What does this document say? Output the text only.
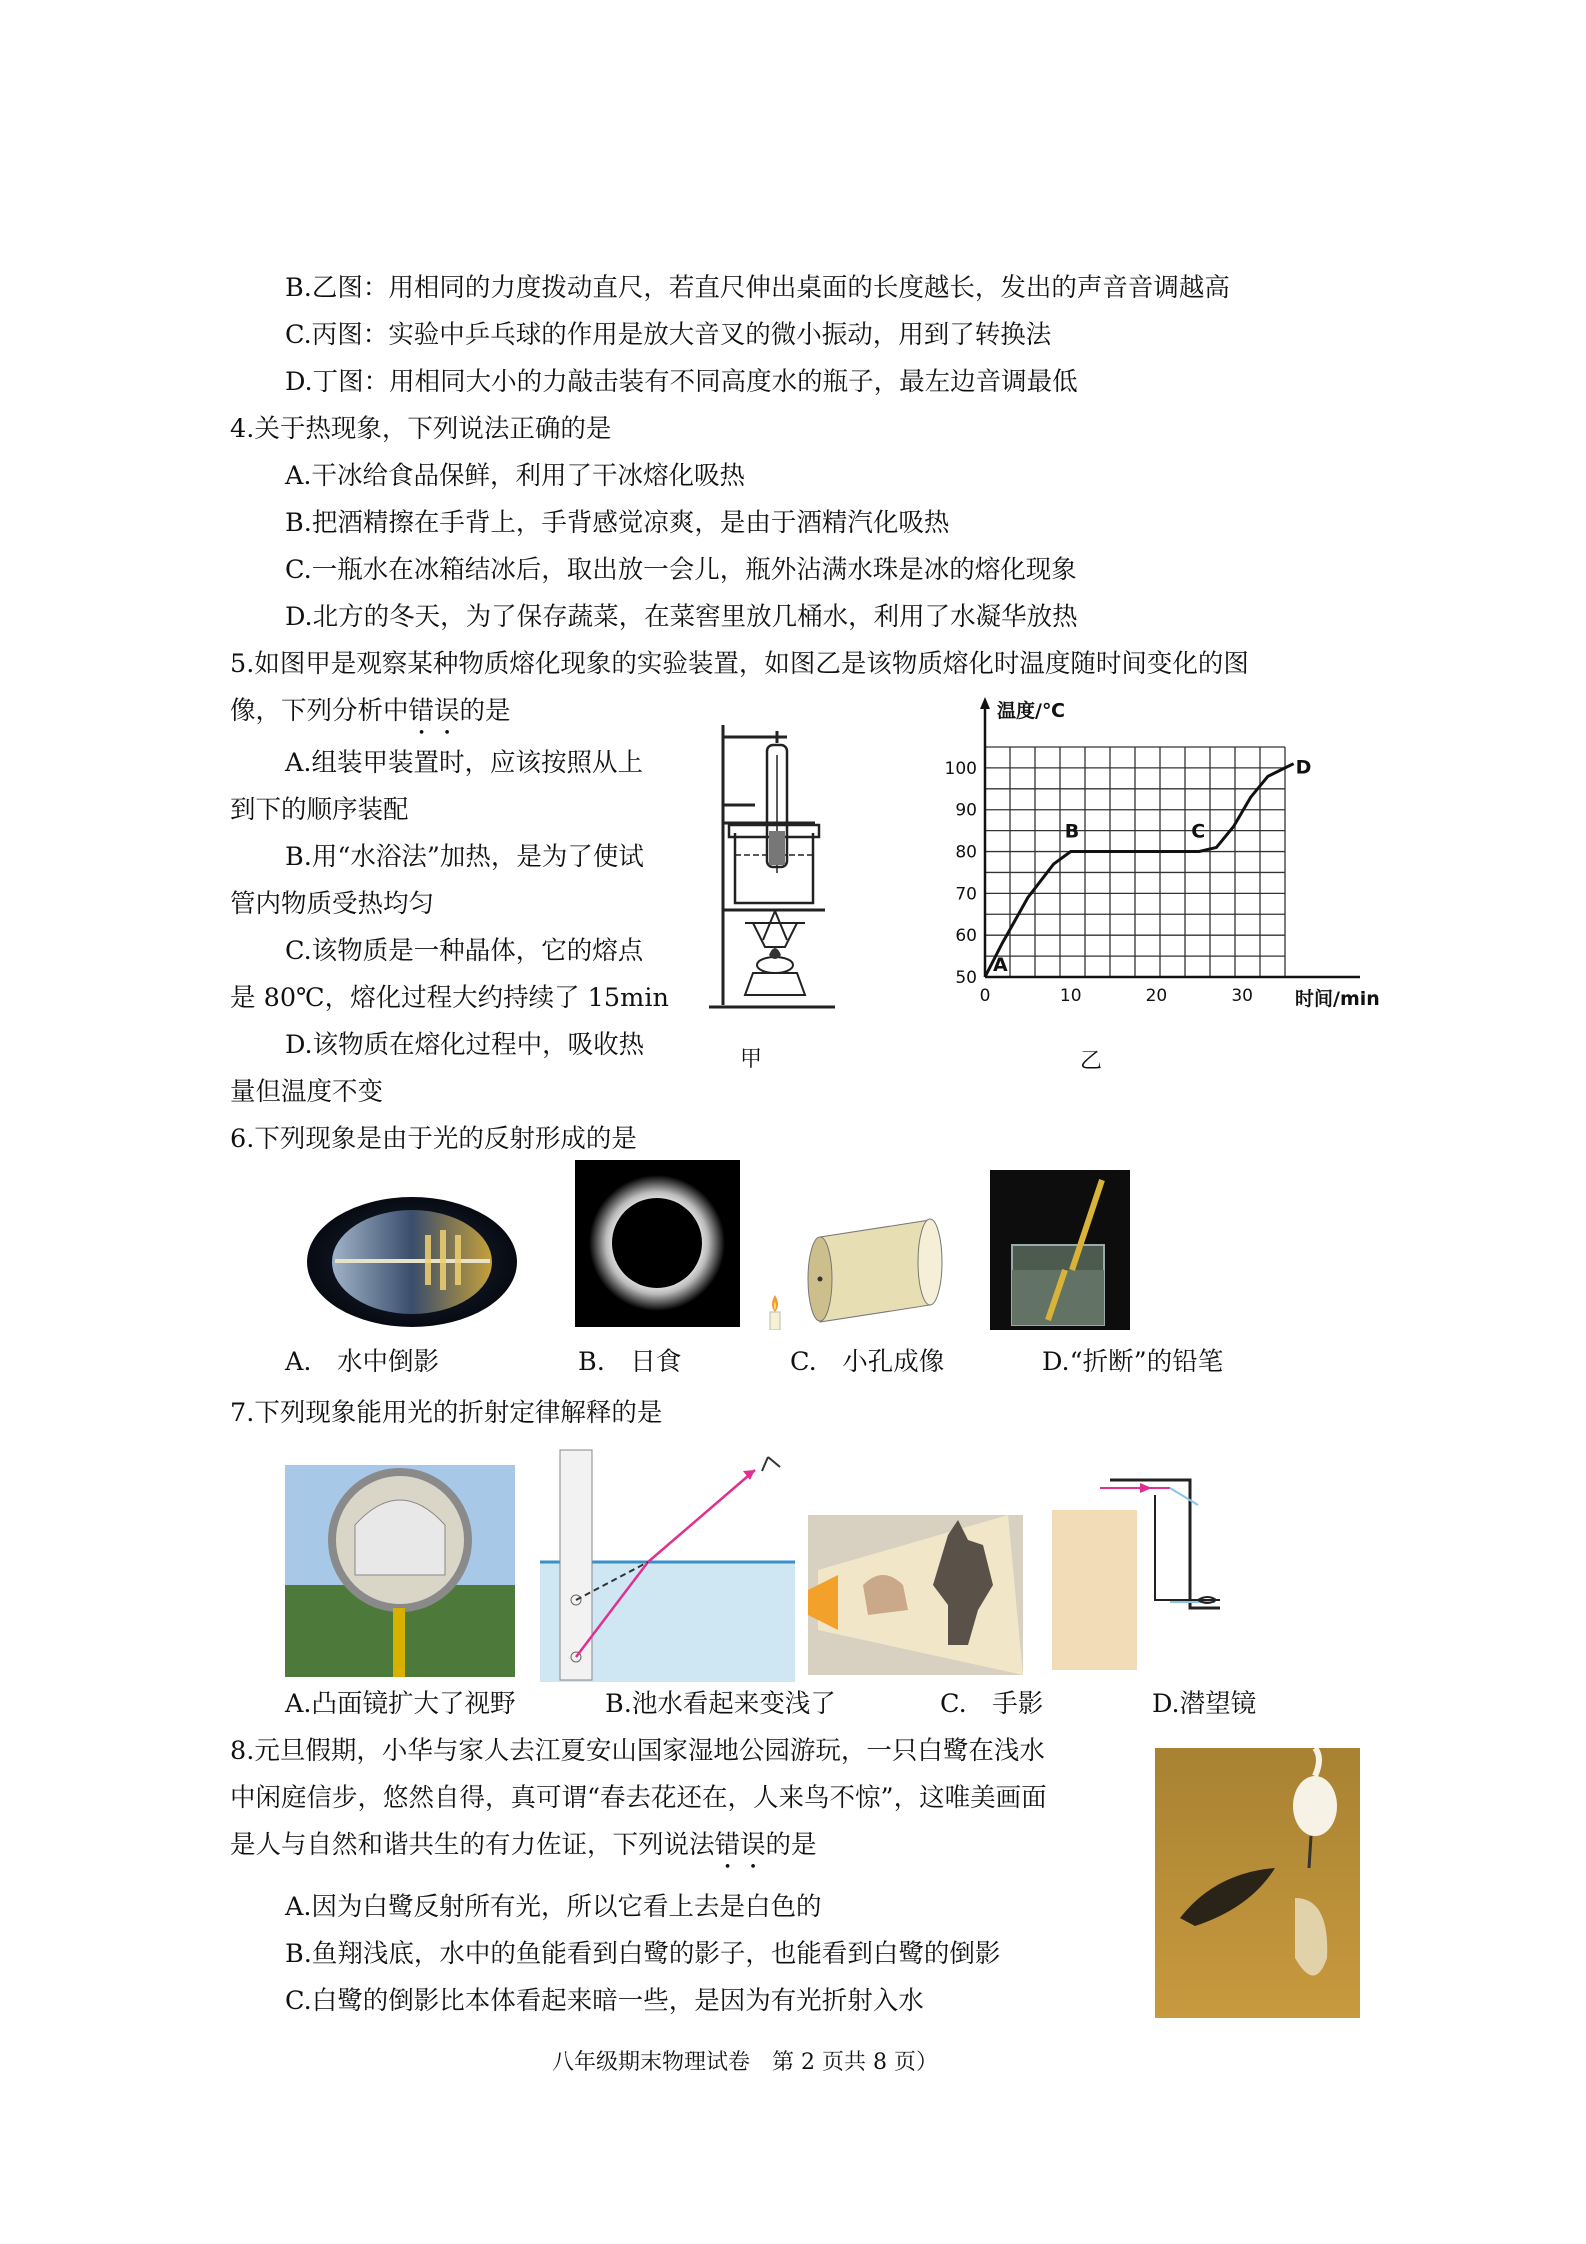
B.乙图：用相同的力度拨动直尺，若直尺伸出桌面的长度越长，发出的声音音调越高
C.丙图：实验中乒乓球的作用是放大音叉的微小振动，用到了转换法
D.丁图：用相同大小的力敲击装有不同高度水的瓶子，最左边音调最低
4.关于热现象，下列说法正确的是
A.干冰给食品保鲜，利用了干冰熔化吸热
B.把酒精擦在手背上，手背感觉凉爽，是由于酒精汽化吸热
C.一瓶水在冰箱结冰后，取出放一会儿，瓶外沾满水珠是冰的熔化现象
D.北方的冬天，为了保存蔬菜，在菜窖里放几桶水，利用了水凝华放热
5.如图甲是观察某种物质熔化现象的实验装置，如图乙是该物质熔化时温度随时间变化的图
像，下列分析中错误的是
A.组装甲装置时，应该按照从上
到下的顺序装配
B.用“水浴法”加热，是为了使试
管内物质受热均匀
C.该物质是一种晶体，它的熔点
是 80℃，熔化过程大约持续了 15min
D.该物质在熔化过程中，吸收热
量但温度不变
甲
0	10	20	30
50
60
70
80
90
100
A
B	C
D
温度/℃
时间/min
乙
6.下列现象是由于光的反射形成的是
A.　水中倒影	B.　日食	C.　小孔成像	D.“折断”的铅笔
7.下列现象能用光的折射定律解释的是
A.凸面镜扩大了视野	B.池水看起来变浅了	C.　手影	D.潜望镜
8.元旦假期，小华与家人去江夏安山国家湿地公园游玩，一只白鹭在浅水
中闲庭信步，悠然自得，真可谓“春去花还在，人来鸟不惊”，这唯美画面
是人与自然和谐共生的有力佐证，下列说法错误的是
A.因为白鹭反射所有光，所以它看上去是白色的
B.鱼翔浅底，水中的鱼能看到白鹭的影子，也能看到白鹭的倒影
C.白鹭的倒影比本体看起来暗一些，是因为有光折射入水
八年级期末物理试卷　第 2 页共 8 页）
